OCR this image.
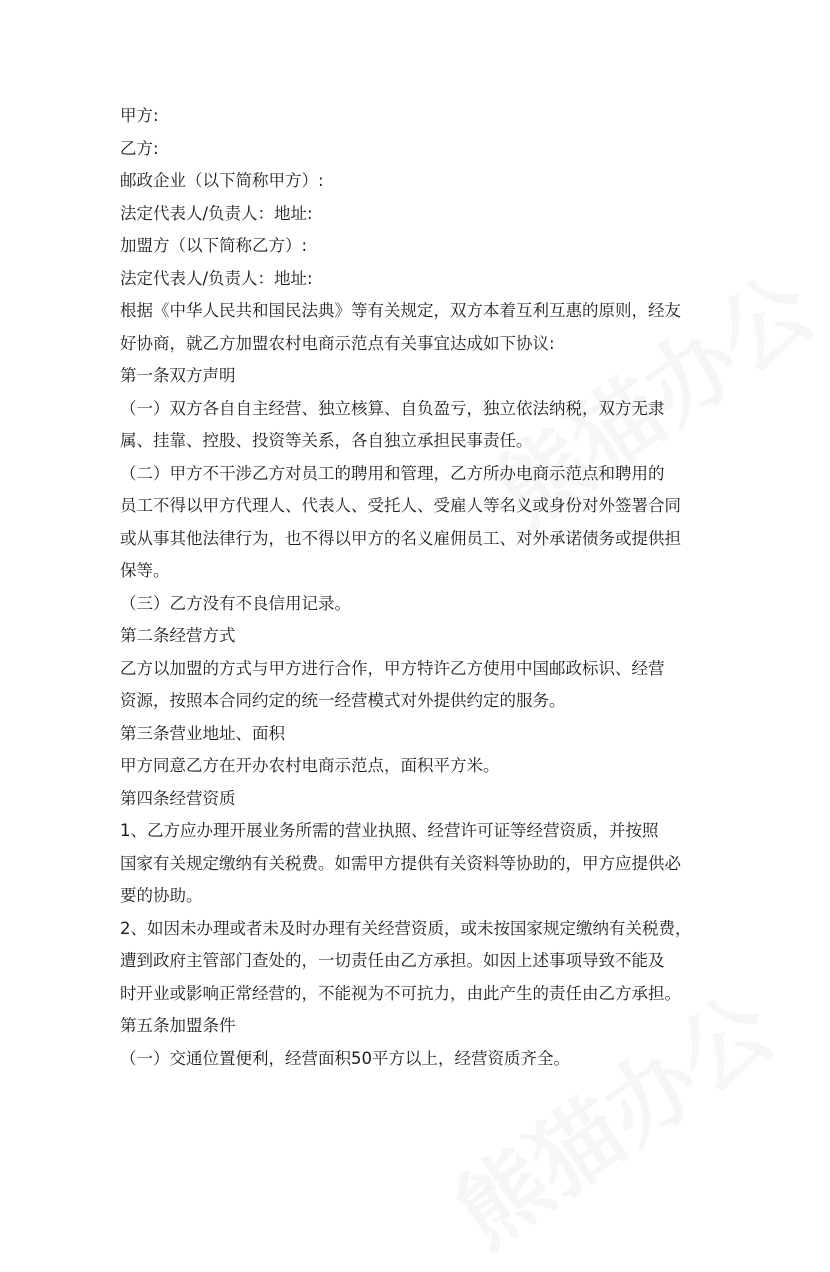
甲方:

乙方:

邮政企业（以下简称甲方）:

法定代表人/负责人：地址:

加盟方（以下简称乙方）:

法定代表人/负责人：地址:

根据《中华人民共和国民法典》等有关规定，双方本着互利互惠的原则，经友

好协商，就乙方加盟农村电商示范点有关事宜达成如下协议:

第一条双方声明

（一）双方各自自主经营、独立核算、自负盈亏，独立依法纳税，双方无隶

属、挂靠、控股、投资等关系，各自独立承担民事责任。

（二）甲方不干涉乙方对员工的聘用和管理，乙方所办电商示范点和聘用的

员工不得以甲方代理人、代表人、受托人、受雇人等名义或身份对外签署合同

或从事其他法律行为，也不得以甲方的名义雇佣员工、对外承诺债务或提供担

保等。

（三）乙方没有不良信用记录。

第二条经营方式

乙方以加盟的方式与甲方进行合作，甲方特许乙方使用中国邮政标识、经营

资源，按照本合同约定的统一经营模式对外提供约定的服务。

第三条营业地址、面积

甲方同意乙方在开办农村电商示范点，面积平方米。

第四条经营资质

1、乙方应办理开展业务所需的营业执照、经营许可证等经营资质，并按照

国家有关规定缴纳有关税费。如需甲方提供有关资料等协助的，甲方应提供必

要的协助。

2、如因未办理或者未及时办理有关经营资质，或未按国家规定缴纳有关税费，

遭到政府主管部门查处的，一切责任由乙方承担。如因上述事项导致不能及

时开业或影响正常经营的，不能视为不可抗力，由此产生的责任由乙方承担。

第五条加盟条件

（一）交通位置便利，经营面积50平方以上，经营资质齐全。
